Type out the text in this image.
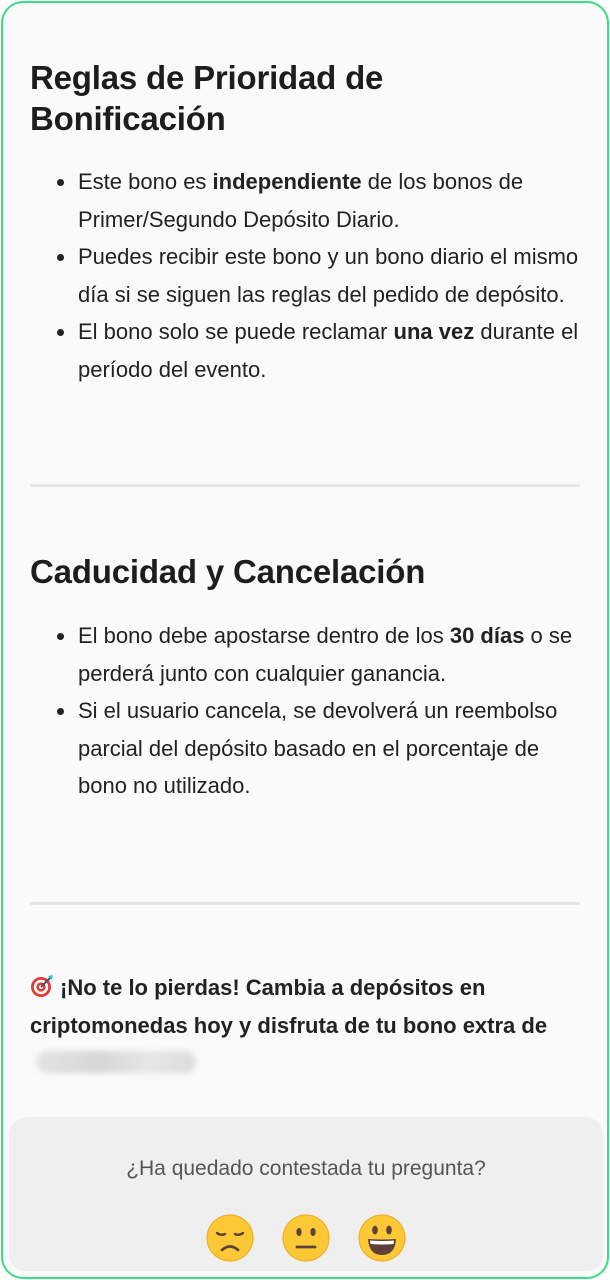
Reglas de Prioridad de Bonificación
Este bono es independiente de los bonos de Primer/Segundo Depósito Diario.
Puedes recibir este bono y un bono diario el mismo día si se siguen las reglas del pedido de depósito.
El bono solo se puede reclamar una vez durante el período del evento.
Caducidad y Cancelación
El bono debe apostarse dentro de los 30 días o se perderá junto con cualquier ganancia.
Si el usuario cancela, se devolverá un reembolso parcial del depósito basado en el porcentaje de bono no utilizado.
¡No te lo pierdas! Cambia a depósitos en criptomonedas hoy y disfruta de tu bono extra de
¿Ha quedado contestada tu pregunta?
